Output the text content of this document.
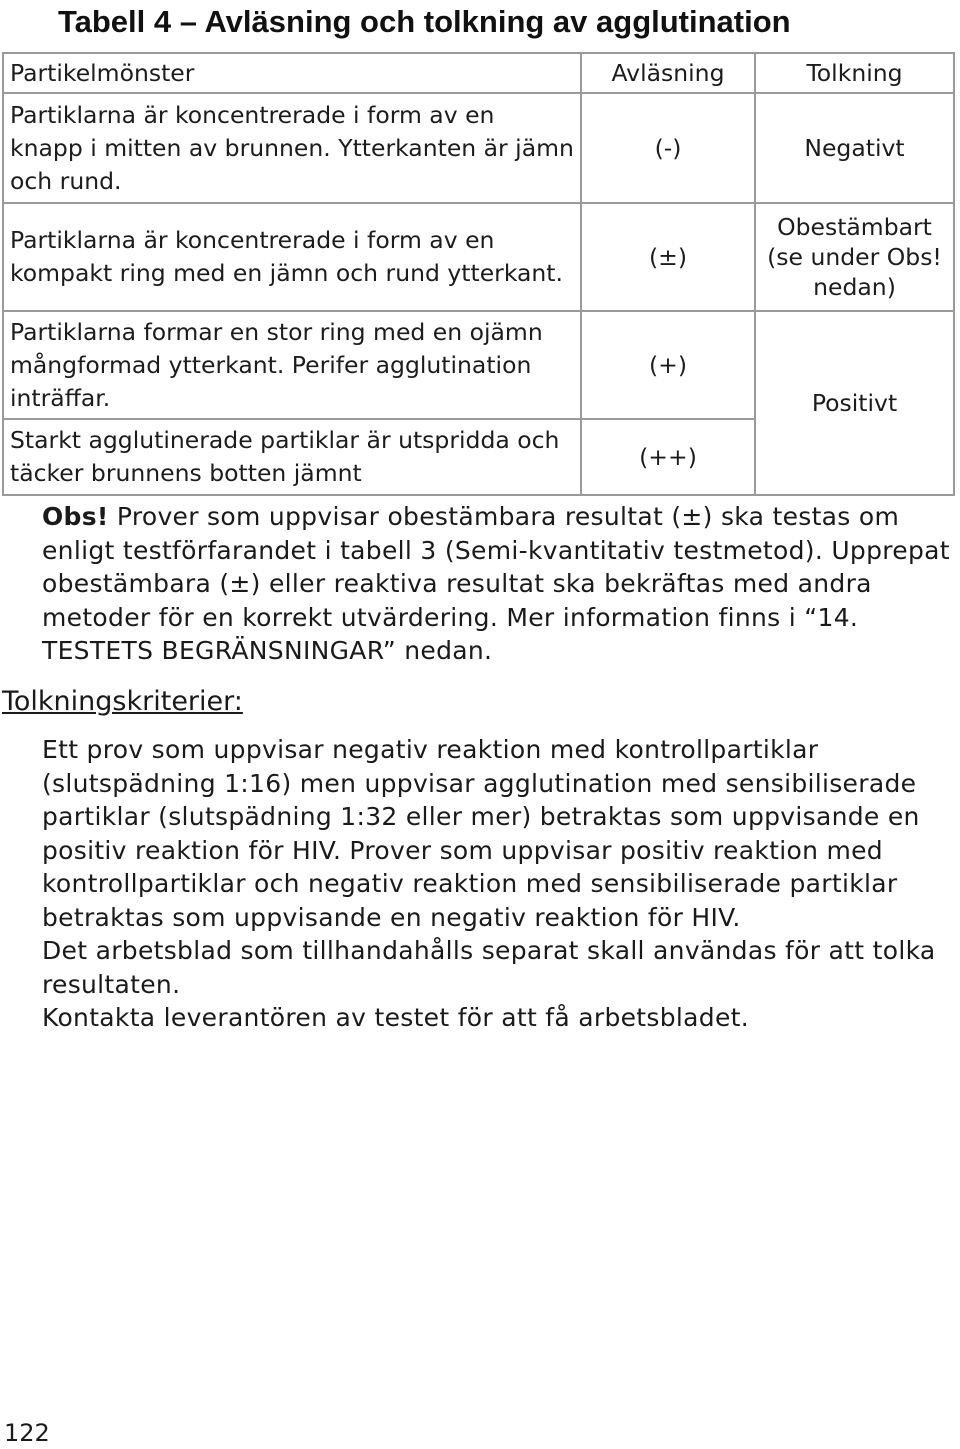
Tabell 4 – Avläsning och tolkning av agglutination
Partikelmönster	Avläsning	Tolkning
Partiklarna är koncentrerade i form av en knapp i mitten av brunnen. Ytterkanten är jämn och rund.	(-)	Negativt
Partiklarna är koncentrerade i form av en kompakt ring med en jämn och rund ytterkant.	(±)	Obestämbart (se under Obs! nedan)
Partiklarna formar en stor ring med en ojämn mångformad ytterkant. Perifer agglutination inträffar.	(+)	Positivt
Starkt agglutinerade partiklar är utspridda och täcker brunnens botten jämnt	(++)	
Obs! Prover som uppvisar obestämbara resultat (±) ska testas om enligt testförfarandet i tabell 3 (Semi-kvantitativ testmetod). Upprepat obestämbara (±) eller reaktiva resultat ska bekräftas med andra metoder för en korrekt utvärdering. Mer information finns i “14. TESTETS BEGRÄNSNINGAR” nedan.
Tolkningskriterier:

Ett prov som uppvisar negativ reaktion med kontrollpartiklar (slutspädning 1:16) men uppvisar agglutination med sensibiliserade partiklar (slutspädning 1:32 eller mer) betraktas som uppvisande en positiv reaktion för HIV. Prover som uppvisar positiv reaktion med kontrollpartiklar och negativ reaktion med sensibiliserade partiklar betraktas som uppvisande en negativ reaktion för HIV.

Det arbetsblad som tillhandahålls separat skall användas för att tolka resultaten.

Kontakta leverantören av testet för att få arbetsbladet.

122
